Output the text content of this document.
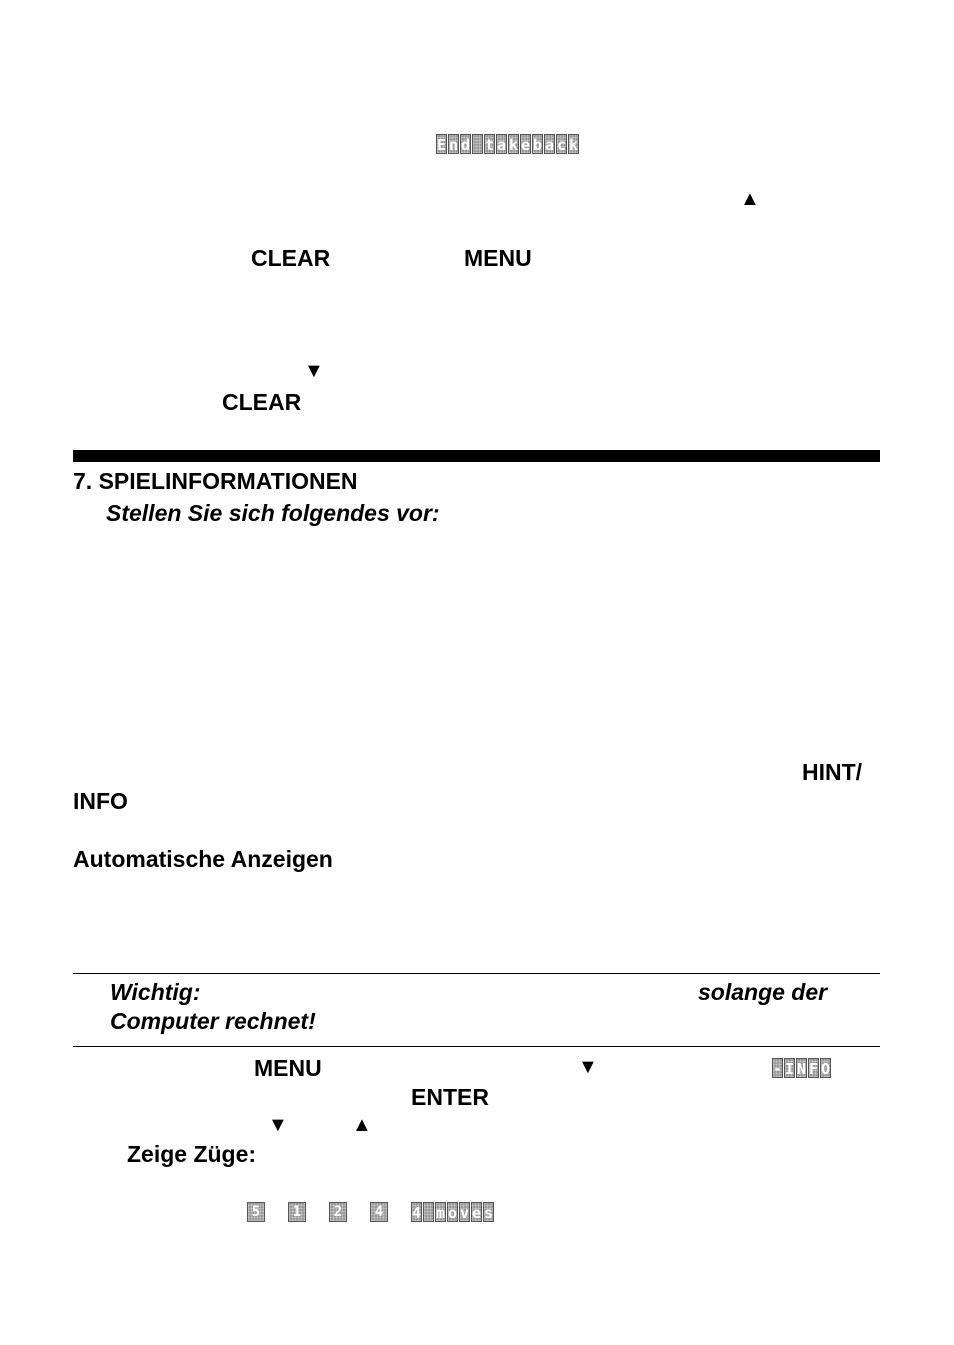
E n d t a k e b a c k
▲
CLEAR	MENU
▼
CLEAR
7. SPIELINFORMATIONEN
Stellen Sie sich folgendes vor:
HINT/
INFO
Automatische Anzeigen
Wichtig:	solange der
Computer rechnet!
MENU	▼	- I N F O
ENTER
▼	▲
Zeige Züge:
5	1	2	4	4 m o v e s
